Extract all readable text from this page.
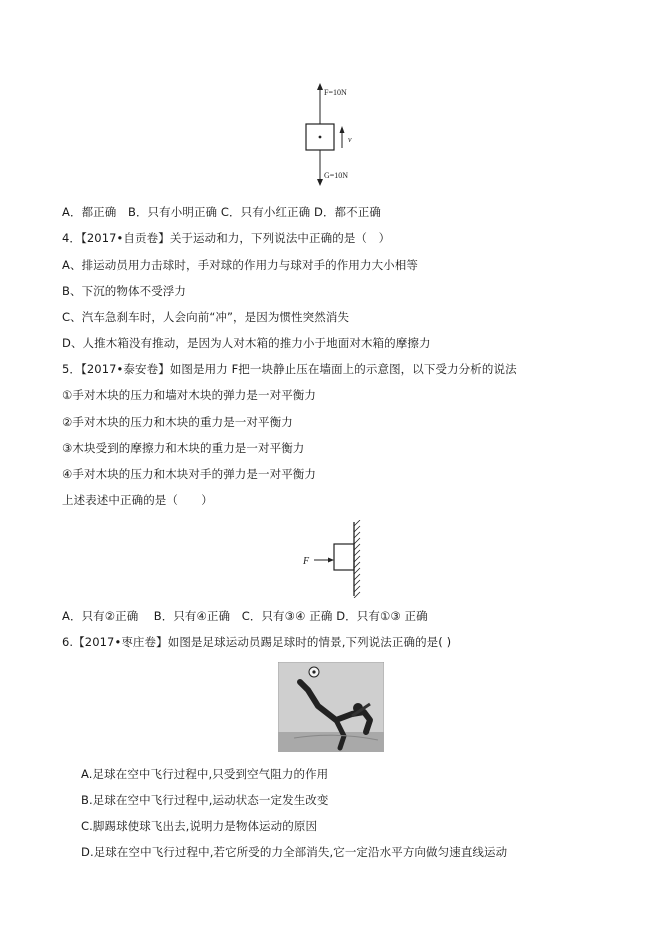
F=10N
v
G=10N
A．都正确　B．只有小明正确 C．只有小红正确 D．都不正确
4．【2017•自贡卷】关于运动和力，下列说法中正确的是（　）
A、排运动员用力击球时，手对球的作用力与球对手的作用力大小相等
B、下沉的物体不受浮力
C、汽车急刹车时，人会向前“冲”，是因为惯性突然消失
D、人推木箱没有推动，是因为人对木箱的推力小于地面对木箱的摩擦力
5．【2017•泰安卷】如图是用力 F把一块静止压在墙面上的示意图，以下受力分析的说法
①手对木块的压力和墙对木块的弹力是一对平衡力
②手对木块的压力和木块的重力是一对平衡力
③木块受到的摩擦力和木块的重力是一对平衡力
④手对木块的压力和木块对手的弹力是一对平衡力
上述表述中正确的是（　　）
F
A．只有②正确　 B．只有④正确　C．只有③④ 正确 D．只有①③ 正确
6.【2017•枣庄卷】如图是足球运动员踢足球时的情景,下列说法正确的是( )
A.足球在空中飞行过程中,只受到空气阻力的作用
B.足球在空中飞行过程中,运动状态一定发生改变
C.脚踢球使球飞出去,说明力是物体运动的原因
D.足球在空中飞行过程中,若它所受的力全部消失,它一定沿水平方向做匀速直线运动
